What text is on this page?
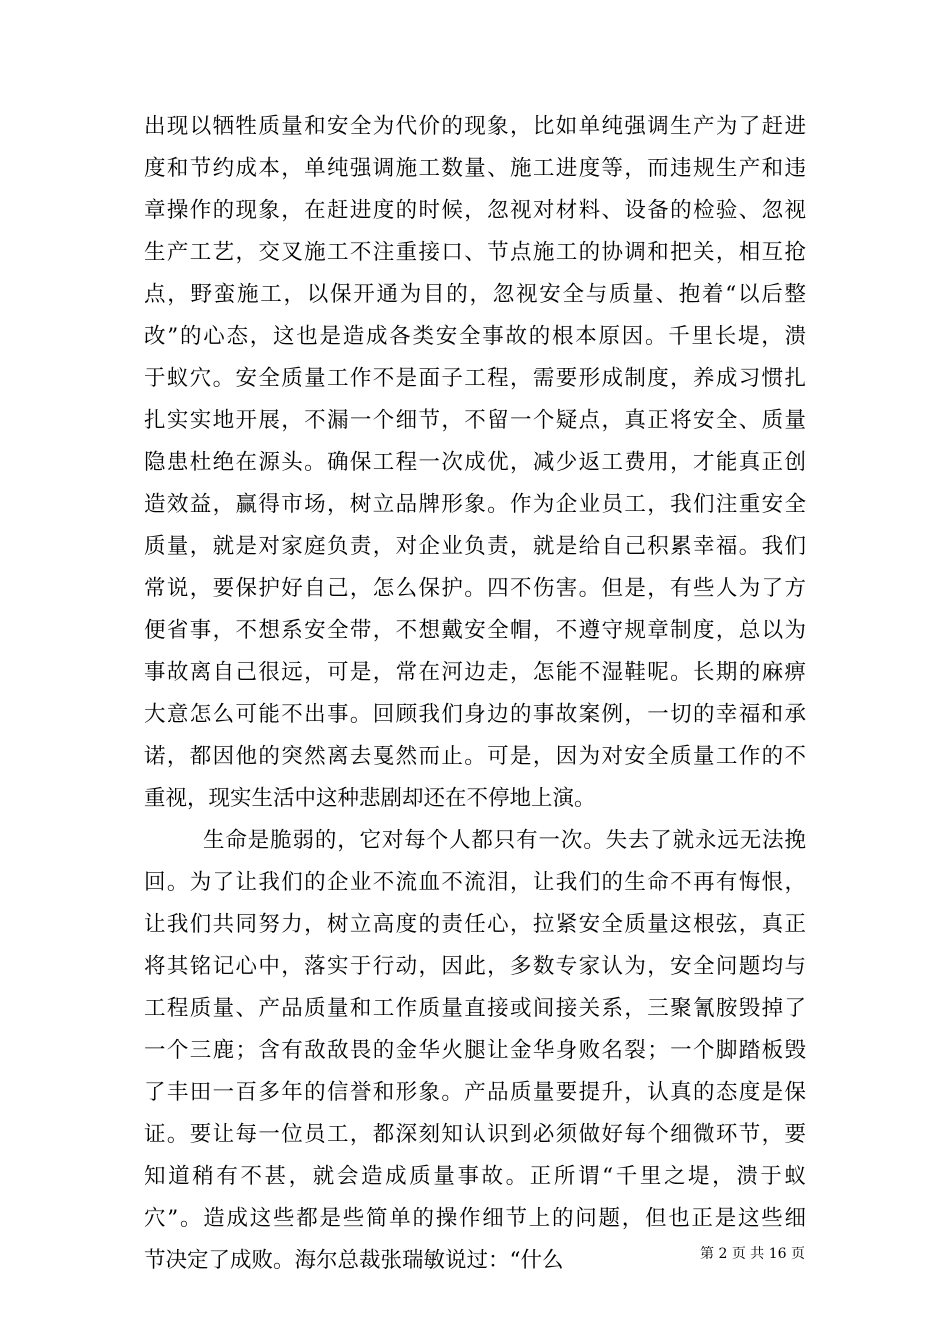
出现以牺牲质量和安全为代价的现象，比如单纯强调生产为了赶进
度和节约成本，单纯强调施工数量、施工进度等，而违规生产和违
章操作的现象，在赶进度的时候，忽视对材料、设备的检验、忽视
生产工艺，交叉施工不注重接口、节点施工的协调和把关，相互抢
点，野蛮施工，以保开通为目的，忽视安全与质量、抱着“以后整
改”的心态，这也是造成各类安全事故的根本原因。千里长堤，溃
于蚁穴。安全质量工作不是面子工程，需要形成制度，养成习惯扎
扎实实地开展，不漏一个细节，不留一个疑点，真正将安全、质量
隐患杜绝在源头。确保工程一次成优，减少返工费用，才能真正创
造效益，赢得市场，树立品牌形象。作为企业员工，我们注重安全
质量，就是对家庭负责，对企业负责，就是给自己积累幸福。我们
常说，要保护好自己，怎么保护。四不伤害。但是，有些人为了方
便省事，不想系安全带，不想戴安全帽，不遵守规章制度，总以为
事故离自己很远，可是，常在河边走，怎能不湿鞋呢。长期的麻痹
大意怎么可能不出事。回顾我们身边的事故案例，一切的幸福和承
诺，都因他的突然离去戛然而止。可是，因为对安全质量工作的不
重视，现实生活中这种悲剧却还在不停地上演。
生命是脆弱的，它对每个人都只有一次。失去了就永远无法挽
回。为了让我们的企业不流血不流泪，让我们的生命不再有悔恨，
让我们共同努力，树立高度的责任心，拉紧安全质量这根弦，真正
将其铭记心中，落实于行动，因此，多数专家认为，安全问题均与
工程质量、产品质量和工作质量直接或间接关系，三聚氰胺毁掉了
一个三鹿；含有敌敌畏的金华火腿让金华身败名裂；一个脚踏板毁
了丰田一百多年的信誉和形象。产品质量要提升，认真的态度是保
证。要让每一位员工，都深刻知认识到必须做好每个细微环节，要
知道稍有不甚，就会造成质量事故。正所谓“千里之堤，溃于蚁
穴”。造成这些都是些简单的操作细节上的问题，但也正是这些细
节决定了成败。海尔总裁张瑞敏说过：“什么	第 2 页 共 16 页
